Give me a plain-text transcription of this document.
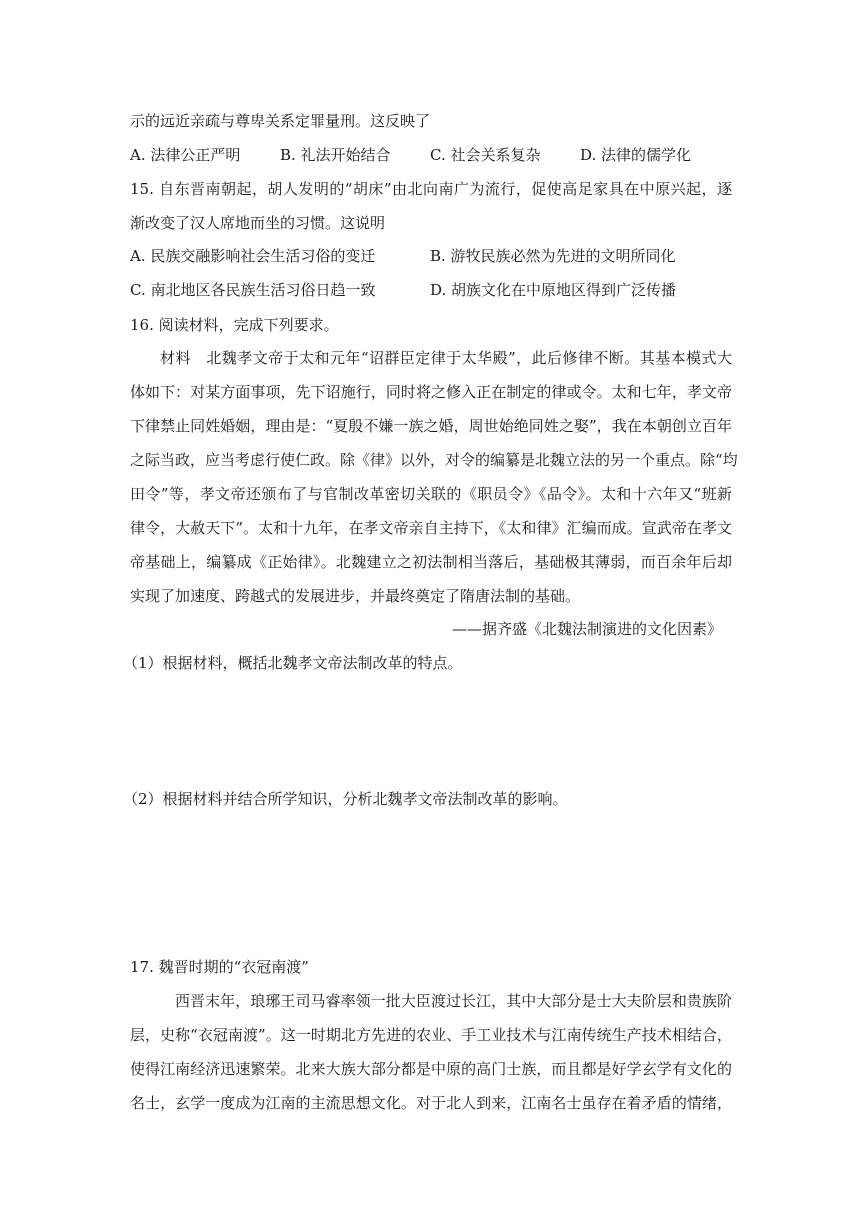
示的远近亲疏与尊卑关系定罪量刑。这反映了
A. 法律公正严明	B. 礼法开始结合	C. 社会关系复杂	D. 法律的儒学化
15. 自东晋南朝起，胡人发明的“胡床”由北向南广为流行，促使高足家具在中原兴起，逐
渐改变了汉人席地而坐的习惯。这说明
A. 民族交融影响社会生活习俗的变迁	B. 游牧民族必然为先进的文明所同化
C. 南北地区各民族生活习俗日趋一致	D. 胡族文化在中原地区得到广泛传播
16. 阅读材料，完成下列要求。
材料　北魏孝文帝于太和元年“诏群臣定律于太华殿”，此后修律不断。其基本模式大
体如下：对某方面事项，先下诏施行，同时将之修入正在制定的律或令。太和七年，孝文帝
下律禁止同姓婚姻，理由是：“夏殷不嫌一族之婚，周世始绝同姓之娶”，我在本朝创立百年
之际当政，应当考虑行使仁政。除《律》以外，对令的编纂是北魏立法的另一个重点。除“均
田令”等，孝文帝还颁布了与官制改革密切关联的《职员令》《品令》。太和十六年又“班新
律令，大赦天下”。太和十九年，在孝文帝亲自主持下，《太和律》汇编而成。宣武帝在孝文
帝基础上，编纂成《正始律》。北魏建立之初法制相当落后，基础极其薄弱，而百余年后却
实现了加速度、跨越式的发展进步，并最终奠定了隋唐法制的基础。
——据齐盛《北魏法制演进的文化因素》
（1）根据材料，概括北魏孝文帝法制改革的特点。
（2）根据材料并结合所学知识，分析北魏孝文帝法制改革的影响。
17. 魏晋时期的“衣冠南渡”
西晋末年，琅琊王司马睿率领一批大臣渡过长江，其中大部分是士大夫阶层和贵族阶
层，史称“衣冠南渡”。这一时期北方先进的农业、手工业技术与江南传统生产技术相结合，
使得江南经济迅速繁荣。北来大族大部分都是中原的高门士族，而且都是好学玄学有文化的
名士，玄学一度成为江南的主流思想文化。对于北人到来，江南名士虽存在着矛盾的情绪，
